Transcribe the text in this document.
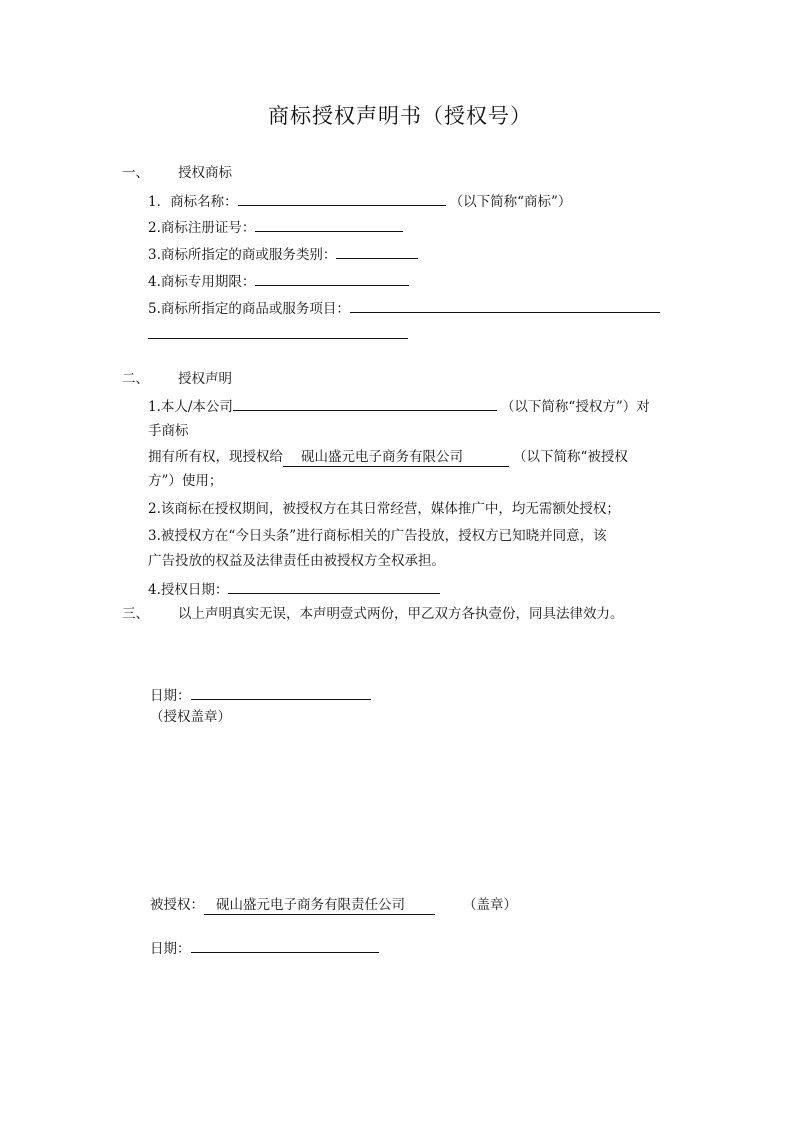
商标授权声明书（授权号）
一、 授权商标
1．商标名称：	（以下简称“商标”）
2.商标注册证号：
3.商标所指定的商或服务类别：
4.商标专用期限：
5.商标所指定的商品或服务项目：
二、 授权声明
1.本人/本公司	（以下简称“授权方”）对
手商标
拥有所有权，现授权给 砚山盛元电子商务有限公司	（以下简称“被授权
方”）使用；
2.该商标在授权期间，被授权方在其日常经营，媒体推广中，均无需额处授权；
3.被授权方在“今日头条”进行商标相关的广告投放，授权方已知晓并同意，该
广告投放的权益及法律责任由被授权方全权承担。
4.授权日期：
三、 以上声明真实无误，本声明壹式两份，甲乙双方各执壹份，同具法律效力。
日期：
（授权盖章）
被授权： 砚山盛元电子商务有限责任公司	（盖章）
日期：
